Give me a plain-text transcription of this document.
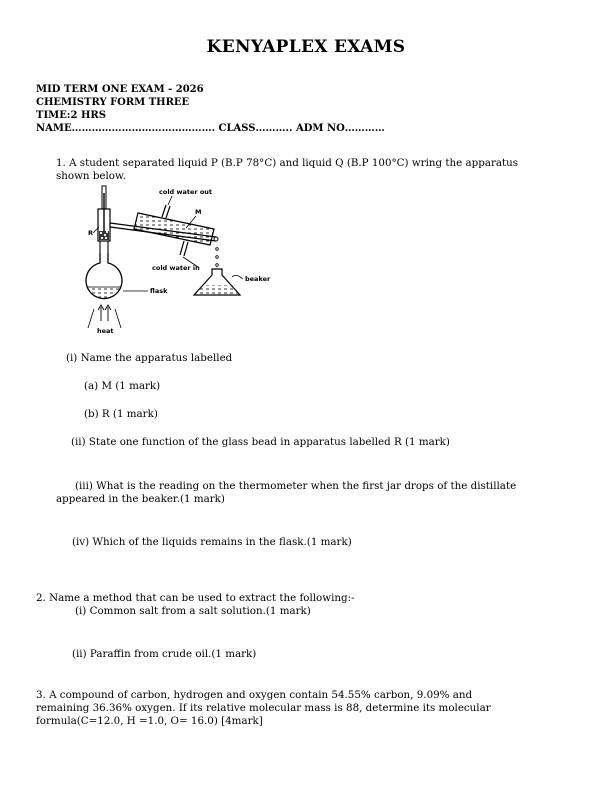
KENYAPLEX EXAMS
MID TERM ONE EXAM - 2026
CHEMISTRY FORM THREE
TIME:2 HRS
NAME……………………………………. CLASS……….. ADM NO…………
1. A student separated liquid P (B.P 78°C) and liquid Q (B.P 100°C) wring the apparatus
shown below.
R
cold water out
M
cold water in
beaker
flask
heat
(i) Name the apparatus labelled
(a) M (1 mark)
(b) R (1 mark)
(ii) State one function of the glass bead in apparatus labelled R (1 mark)
(iii) What is the reading on the thermometer when the first jar drops of the distillate
appeared in the beaker.(1 mark)
(iv) Which of the liquids remains in the flask.(1 mark)
2. Name a method that can be used to extract the following:-
(i) Common salt from a salt solution.(1 mark)
(ii) Paraffin from crude oil.(1 mark)
3. A compound of carbon, hydrogen and oxygen contain 54.55% carbon, 9.09% and
remaining 36.36% oxygen. If its relative molecular mass is 88, determine its molecular
formula(C=12.0, H =1.0, O= 16.0) [4mark]
